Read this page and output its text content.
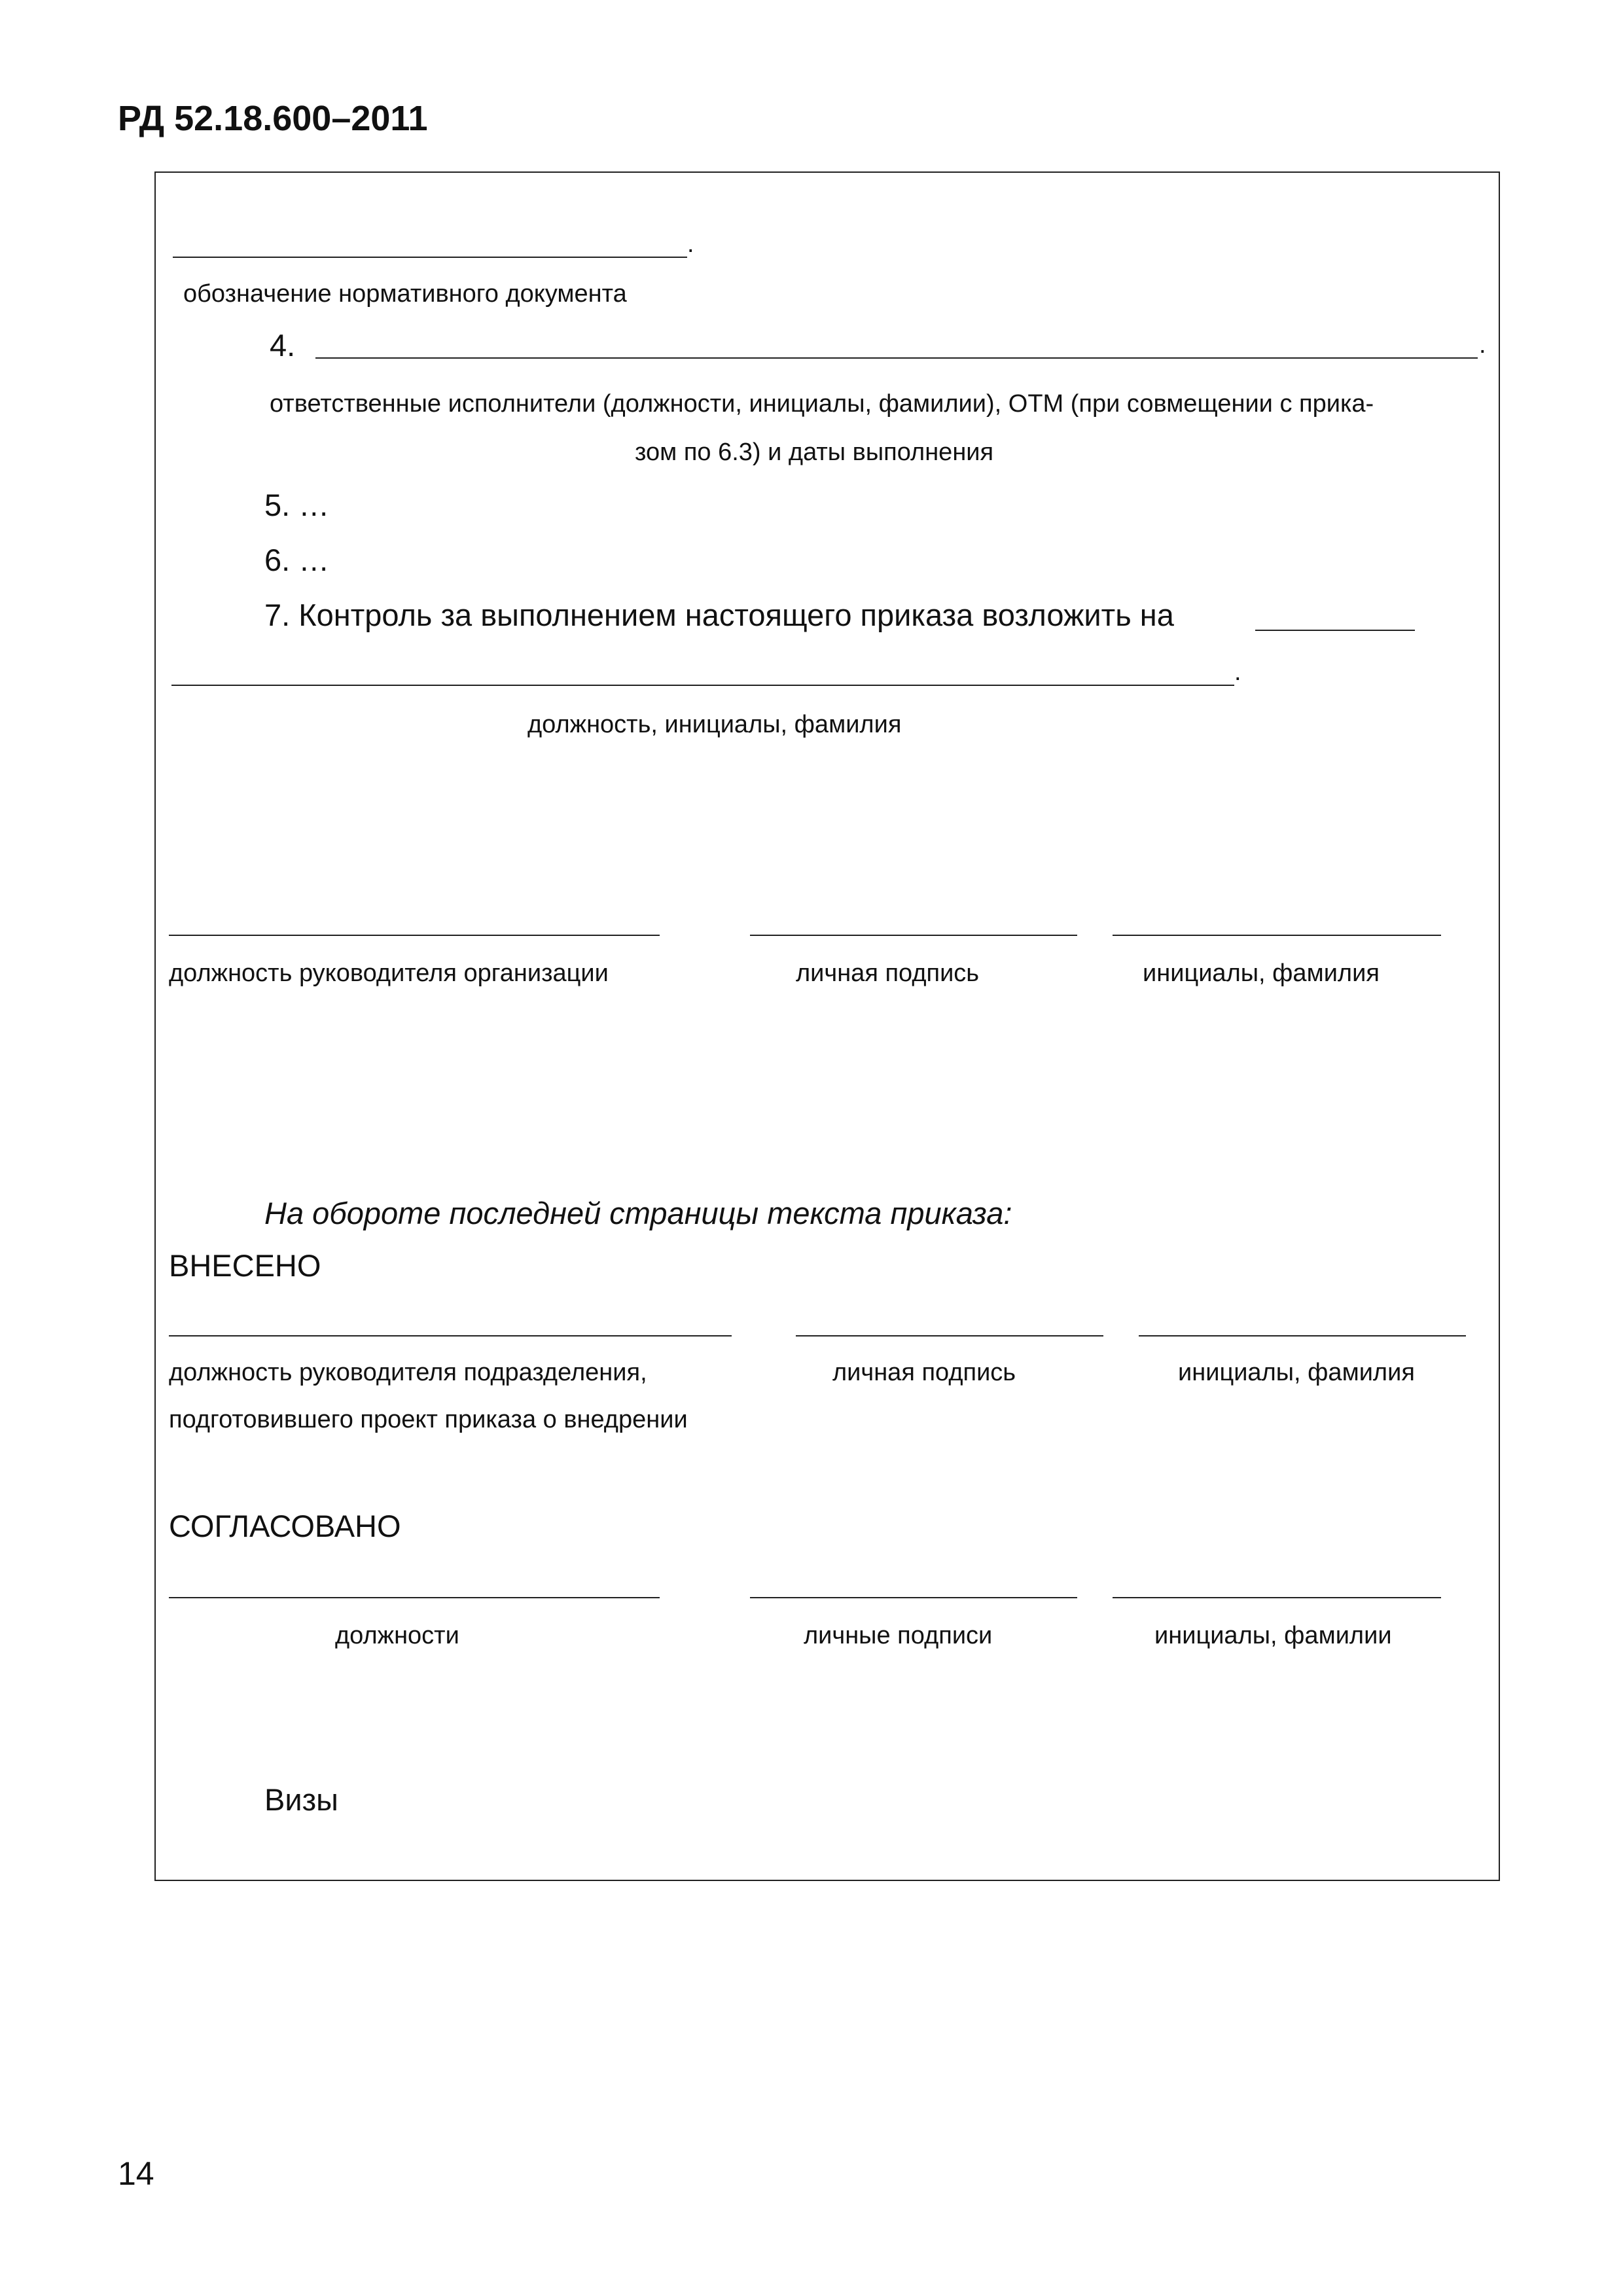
РД 52.18.600–2011
.
обозначение нормативного документа
4.	.
ответственные исполнители (должности, инициалы, фамилии), ОТМ (при совмещении с прика-
зом по 6.3) и даты выполнения
5. …
6. …
7. Контроль за выполнением настоящего приказа возложить на
.
должность, инициалы, фамилия
должность руководителя организации	личная подпись	инициалы, фамилия
На обороте последней страницы текста приказа:
ВНЕСЕНО
должность руководителя подразделения,
подготовившего проект приказа о внедрении
личная подпись	инициалы, фамилия
СОГЛАСОВАНО
должности	личные подписи	инициалы, фамилии
Визы
14
